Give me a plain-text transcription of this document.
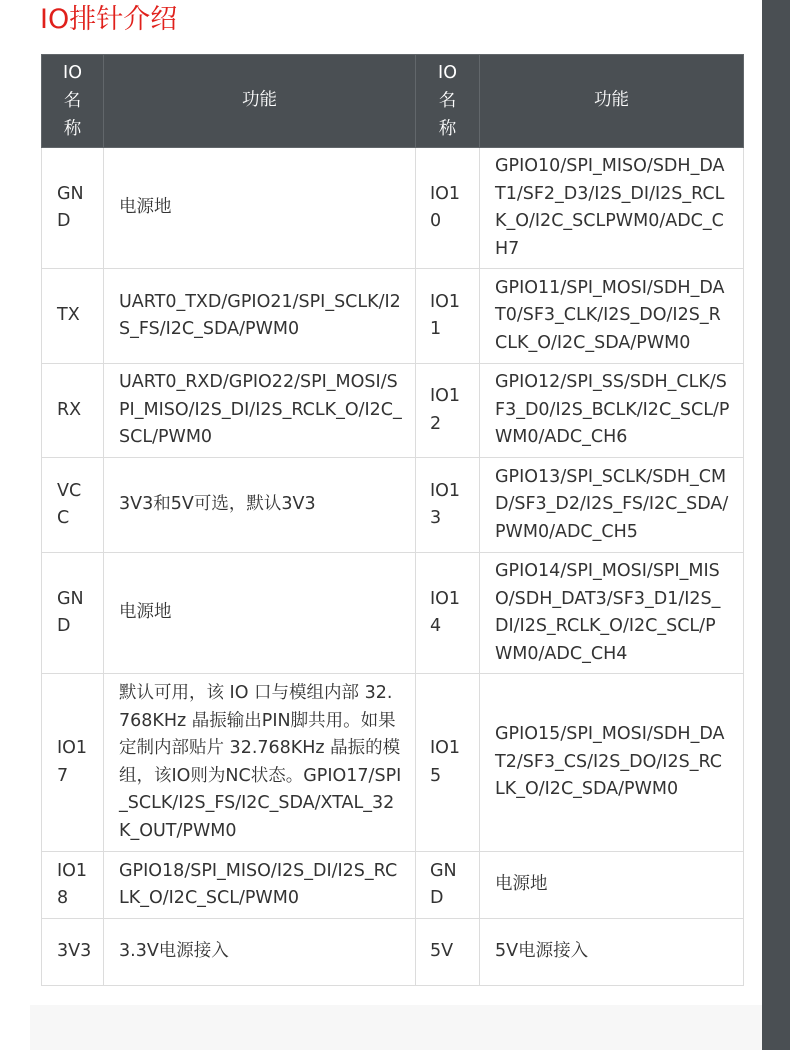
IO排针介绍
IO名称	功能	IO名称	功能
GND	电源地	IO10	GPIO10/SPI_MISO/SDH_DAT1/SF2_D3/I2S_DI/I2S_RCLK_O/I2C_SCLPWM0/ADC_CH7
TX	UART0_TXD/GPIO21/SPI_SCLK/I2S_FS/I2C_SDA/PWM0	IO11	GPIO11/SPI_MOSI/SDH_DAT0/SF3_CLK/I2S_DO/I2S_RCLK_O/I2C_SDA/PWM0
RX	UART0_RXD/GPIO22/SPI_MOSI/SPI_MISO/I2S_DI/I2S_RCLK_O/I2C_SCL/PWM0	IO12	GPIO12/SPI_SS/SDH_CLK/SF3_D0/I2S_BCLK/I2C_SCL/PWM0/ADC_CH6
VCC	3V3和5V可选，默认3V3	IO13	GPIO13/SPI_SCLK/SDH_CMD/SF3_D2/I2S_FS/I2C_SDA/PWM0/ADC_CH5
GND	电源地	IO14	GPIO14/SPI_MOSI/SPI_MISO/SDH_DAT3/SF3_D1/I2S_DI/I2S_RCLK_O/I2C_SCL/PWM0/ADC_CH4
IO17	默认可用，该 IO 口与模组内部 32.768KHz 晶振输出PIN脚共用。如果定制内部贴片 32.768KHz 晶振的模组，该IO则为NC状态。GPIO17/SPI_SCLK/I2S_FS/I2C_SDA/XTAL_32K_OUT/PWM0	IO15	GPIO15/SPI_MOSI/SDH_DAT2/SF3_CS/I2S_DO/I2S_RCLK_O/I2C_SDA/PWM0
IO18	GPIO18/SPI_MISO/I2S_DI/I2S_RCLK_O/I2C_SCL/PWM0	GND	电源地
3V3	3.3V电源接入	5V	5V电源接入
